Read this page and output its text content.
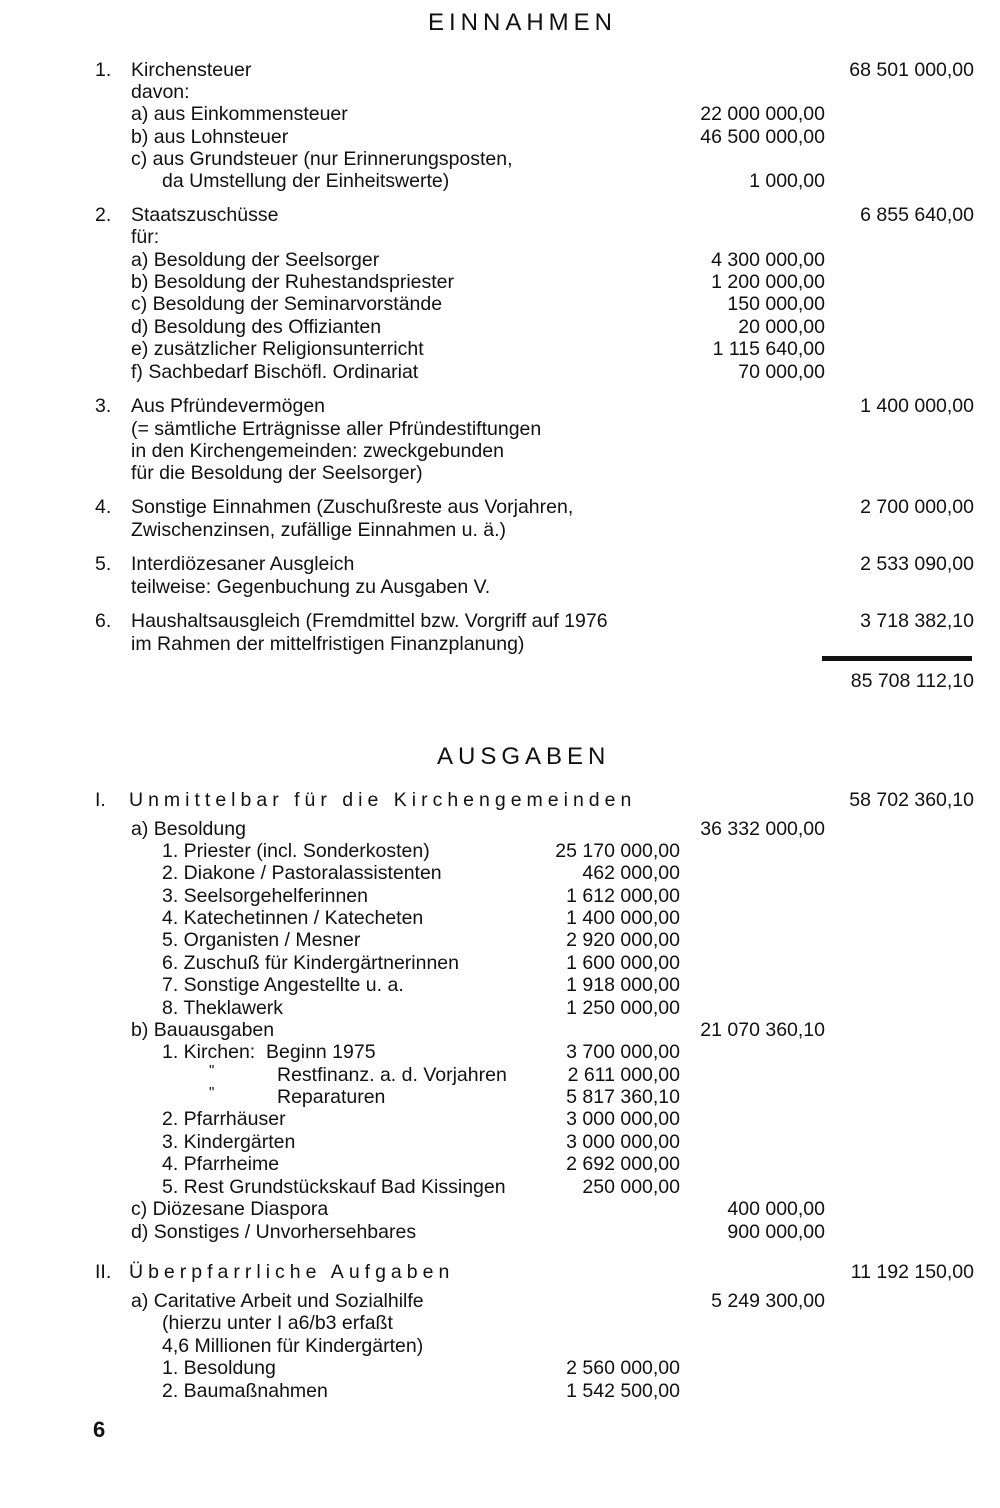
EINNAHMEN
1. Kirchensteuer	68 501 000,00
davon:
a) aus Einkommensteuer	22 000 000,00
b) aus Lohnsteuer	46 500 000,00
c) aus Grundsteuer (nur Erinnerungsposten,
da Umstellung der Einheitswerte)	1 000,00
2. Staatszuschüsse	6 855 640,00
für:
a) Besoldung der Seelsorger	4 300 000,00
b) Besoldung der Ruhestandspriester	1 200 000,00
c) Besoldung der Seminarvorstände	150 000,00
d) Besoldung des Offizianten	20 000,00
e) zusätzlicher Religionsunterricht	1 115 640,00
f) Sachbedarf Bischöfl. Ordinariat	70 000,00
3. Aus Pfründevermögen	1 400 000,00
(= sämtliche Erträgnisse aller Pfründestiftungen
in den Kirchengemeinden: zweckgebunden
für die Besoldung der Seelsorger)
4. Sonstige Einnahmen (Zuschußreste aus Vorjahren,	2 700 000,00
Zwischenzinsen, zufällige Einnahmen u. ä.)
5. Interdiözesaner Ausgleich	2 533 090,00
teilweise: Gegenbuchung zu Ausgaben V.
6. Haushaltsausgleich (Fremdmittel bzw. Vorgriff auf 1976	3 718 382,10
im Rahmen der mittelfristigen Finanzplanung)
85 708 112,10
AUSGABEN
I. Unmittelbar für die Kirchengemeinden	58 702 360,10
a) Besoldung	36 332 000,00
1. Priester (incl. Sonderkosten)	25 170 000,00
2. Diakone / Pastoralassistenten	462 000,00
3. Seelsorgehelferinnen	1 612 000,00
4. Katechetinnen / Katecheten	1 400 000,00
5. Organisten / Mesner	2 920 000,00
6. Zuschuß für Kindergärtnerinnen	1 600 000,00
7. Sonstige Angestellte u. a.	1 918 000,00
8. Theklawerk	1 250 000,00
b) Bauausgaben	21 070 360,10
1. Kirchen:  Beginn 1975	3 700 000,00
"	Restfinanz. a. d. Vorjahren	2 611 000,00
"	Reparaturen	5 817 360,10
2. Pfarrhäuser	3 000 000,00
3. Kindergärten	3 000 000,00
4. Pfarrheime	2 692 000,00
5. Rest Grundstückskauf Bad Kissingen	250 000,00
c) Diözesane Diaspora	400 000,00
d) Sonstiges / Unvorhersehbares	900 000,00
II. Überpfarrliche Aufgaben	11 192 150,00
a) Caritative Arbeit und Sozialhilfe	5 249 300,00
(hierzu unter I a6/b3 erfaßt
4,6 Millionen für Kindergärten)
1. Besoldung	2 560 000,00
2. Baumaßnahmen	1 542 500,00
6
